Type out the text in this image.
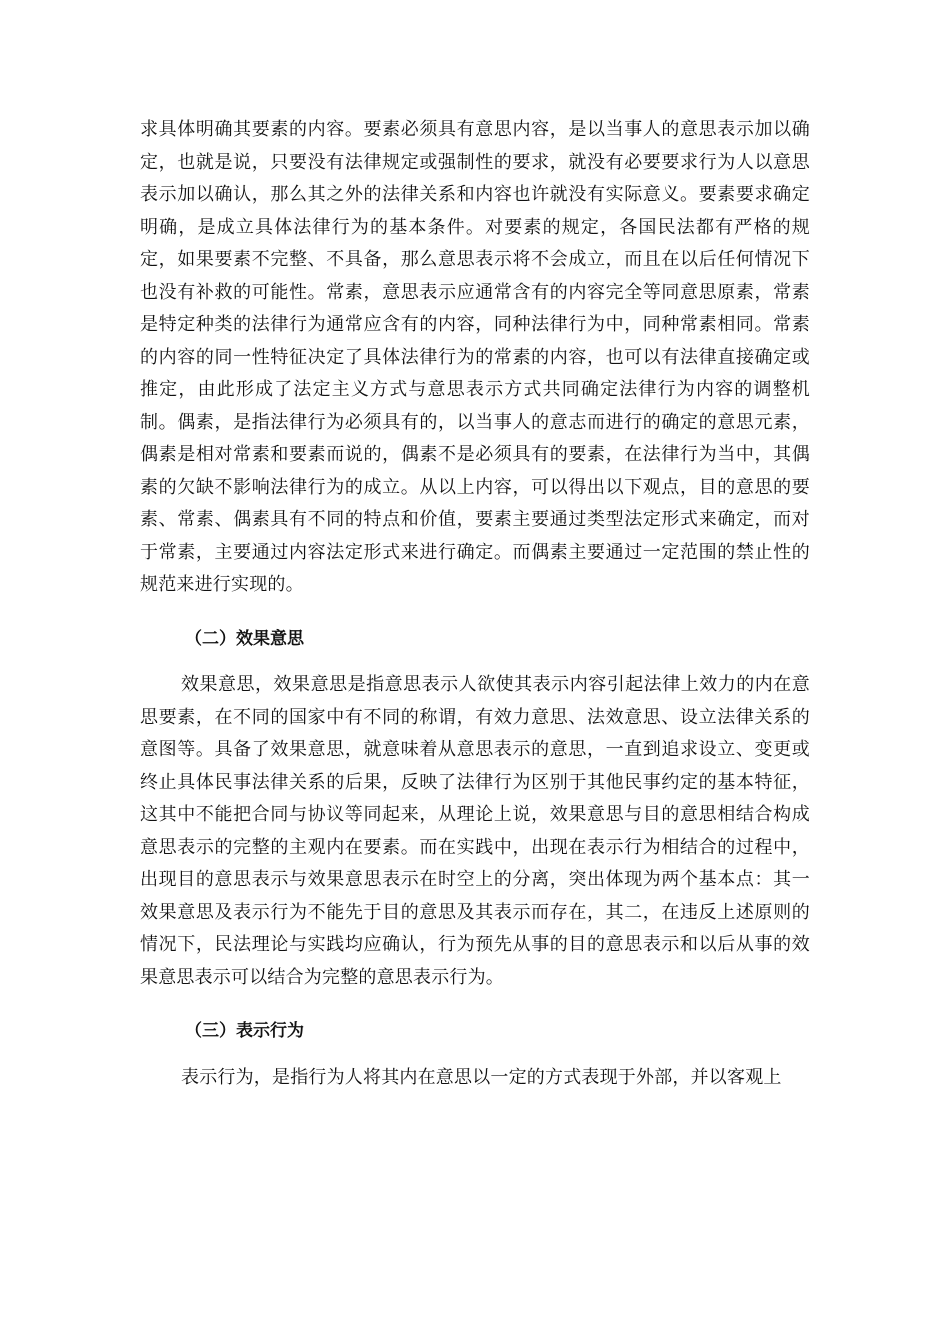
求具体明确其要素的内容。要素必须具有意思内容，是以当事人的意思表示加以确定，也就是说，只要没有法律规定或强制性的要求，就没有必要要求行为人以意思表示加以确认，那么其之外的法律关系和内容也许就没有实际意义。要素要求确定明确，是成立具体法律行为的基本条件。对要素的规定，各国民法都有严格的规定，如果要素不完整、不具备，那么意思表示将不会成立，而且在以后任何情况下也没有补救的可能性。常素，意思表示应通常含有的内容完全等同意思原素，常素是特定种类的法律行为通常应含有的内容，同种法律行为中，同种常素相同。常素的内容的同一性特征决定了具体法律行为的常素的内容，也可以有法律直接确定或推定，由此形成了法定主义方式与意思表示方式共同确定法律行为内容的调整机制。偶素，是指法律行为必须具有的，以当事人的意志而进行的确定的意思元素，偶素是相对常素和要素而说的，偶素不是必须具有的要素，在法律行为当中，其偶素的欠缺不影响法律行为的成立。从以上内容，可以得出以下观点，目的意思的要素、常素、偶素具有不同的特点和价值，要素主要通过类型法定形式来确定，而对于常素，主要通过内容法定形式来进行确定。而偶素主要通过一定范围的禁止性的规范来进行实现的。

（二）效果意思

效果意思，效果意思是指意思表示人欲使其表示内容引起法律上效力的内在意思要素，在不同的国家中有不同的称谓，有效力意思、法效意思、设立法律关系的意图等。具备了效果意思，就意味着从意思表示的意思，一直到追求设立、变更或终止具体民事法律关系的后果，反映了法律行为区别于其他民事约定的基本特征，这其中不能把合同与协议等同起来，从理论上说，效果意思与目的意思相结合构成意思表示的完整的主观内在要素。而在实践中，出现在表示行为相结合的过程中，出现目的意思表示与效果意思表示在时空上的分离，突出体现为两个基本点：其一效果意思及表示行为不能先于目的意思及其表示而存在，其二，在违反上述原则的情况下，民法理论与实践均应确认，行为预先从事的目的意思表示和以后从事的效果意思表示可以结合为完整的意思表示行为。

（三）表示行为

表示行为，是指行为人将其内在意思以一定的方式表现于外部，并以客观上
